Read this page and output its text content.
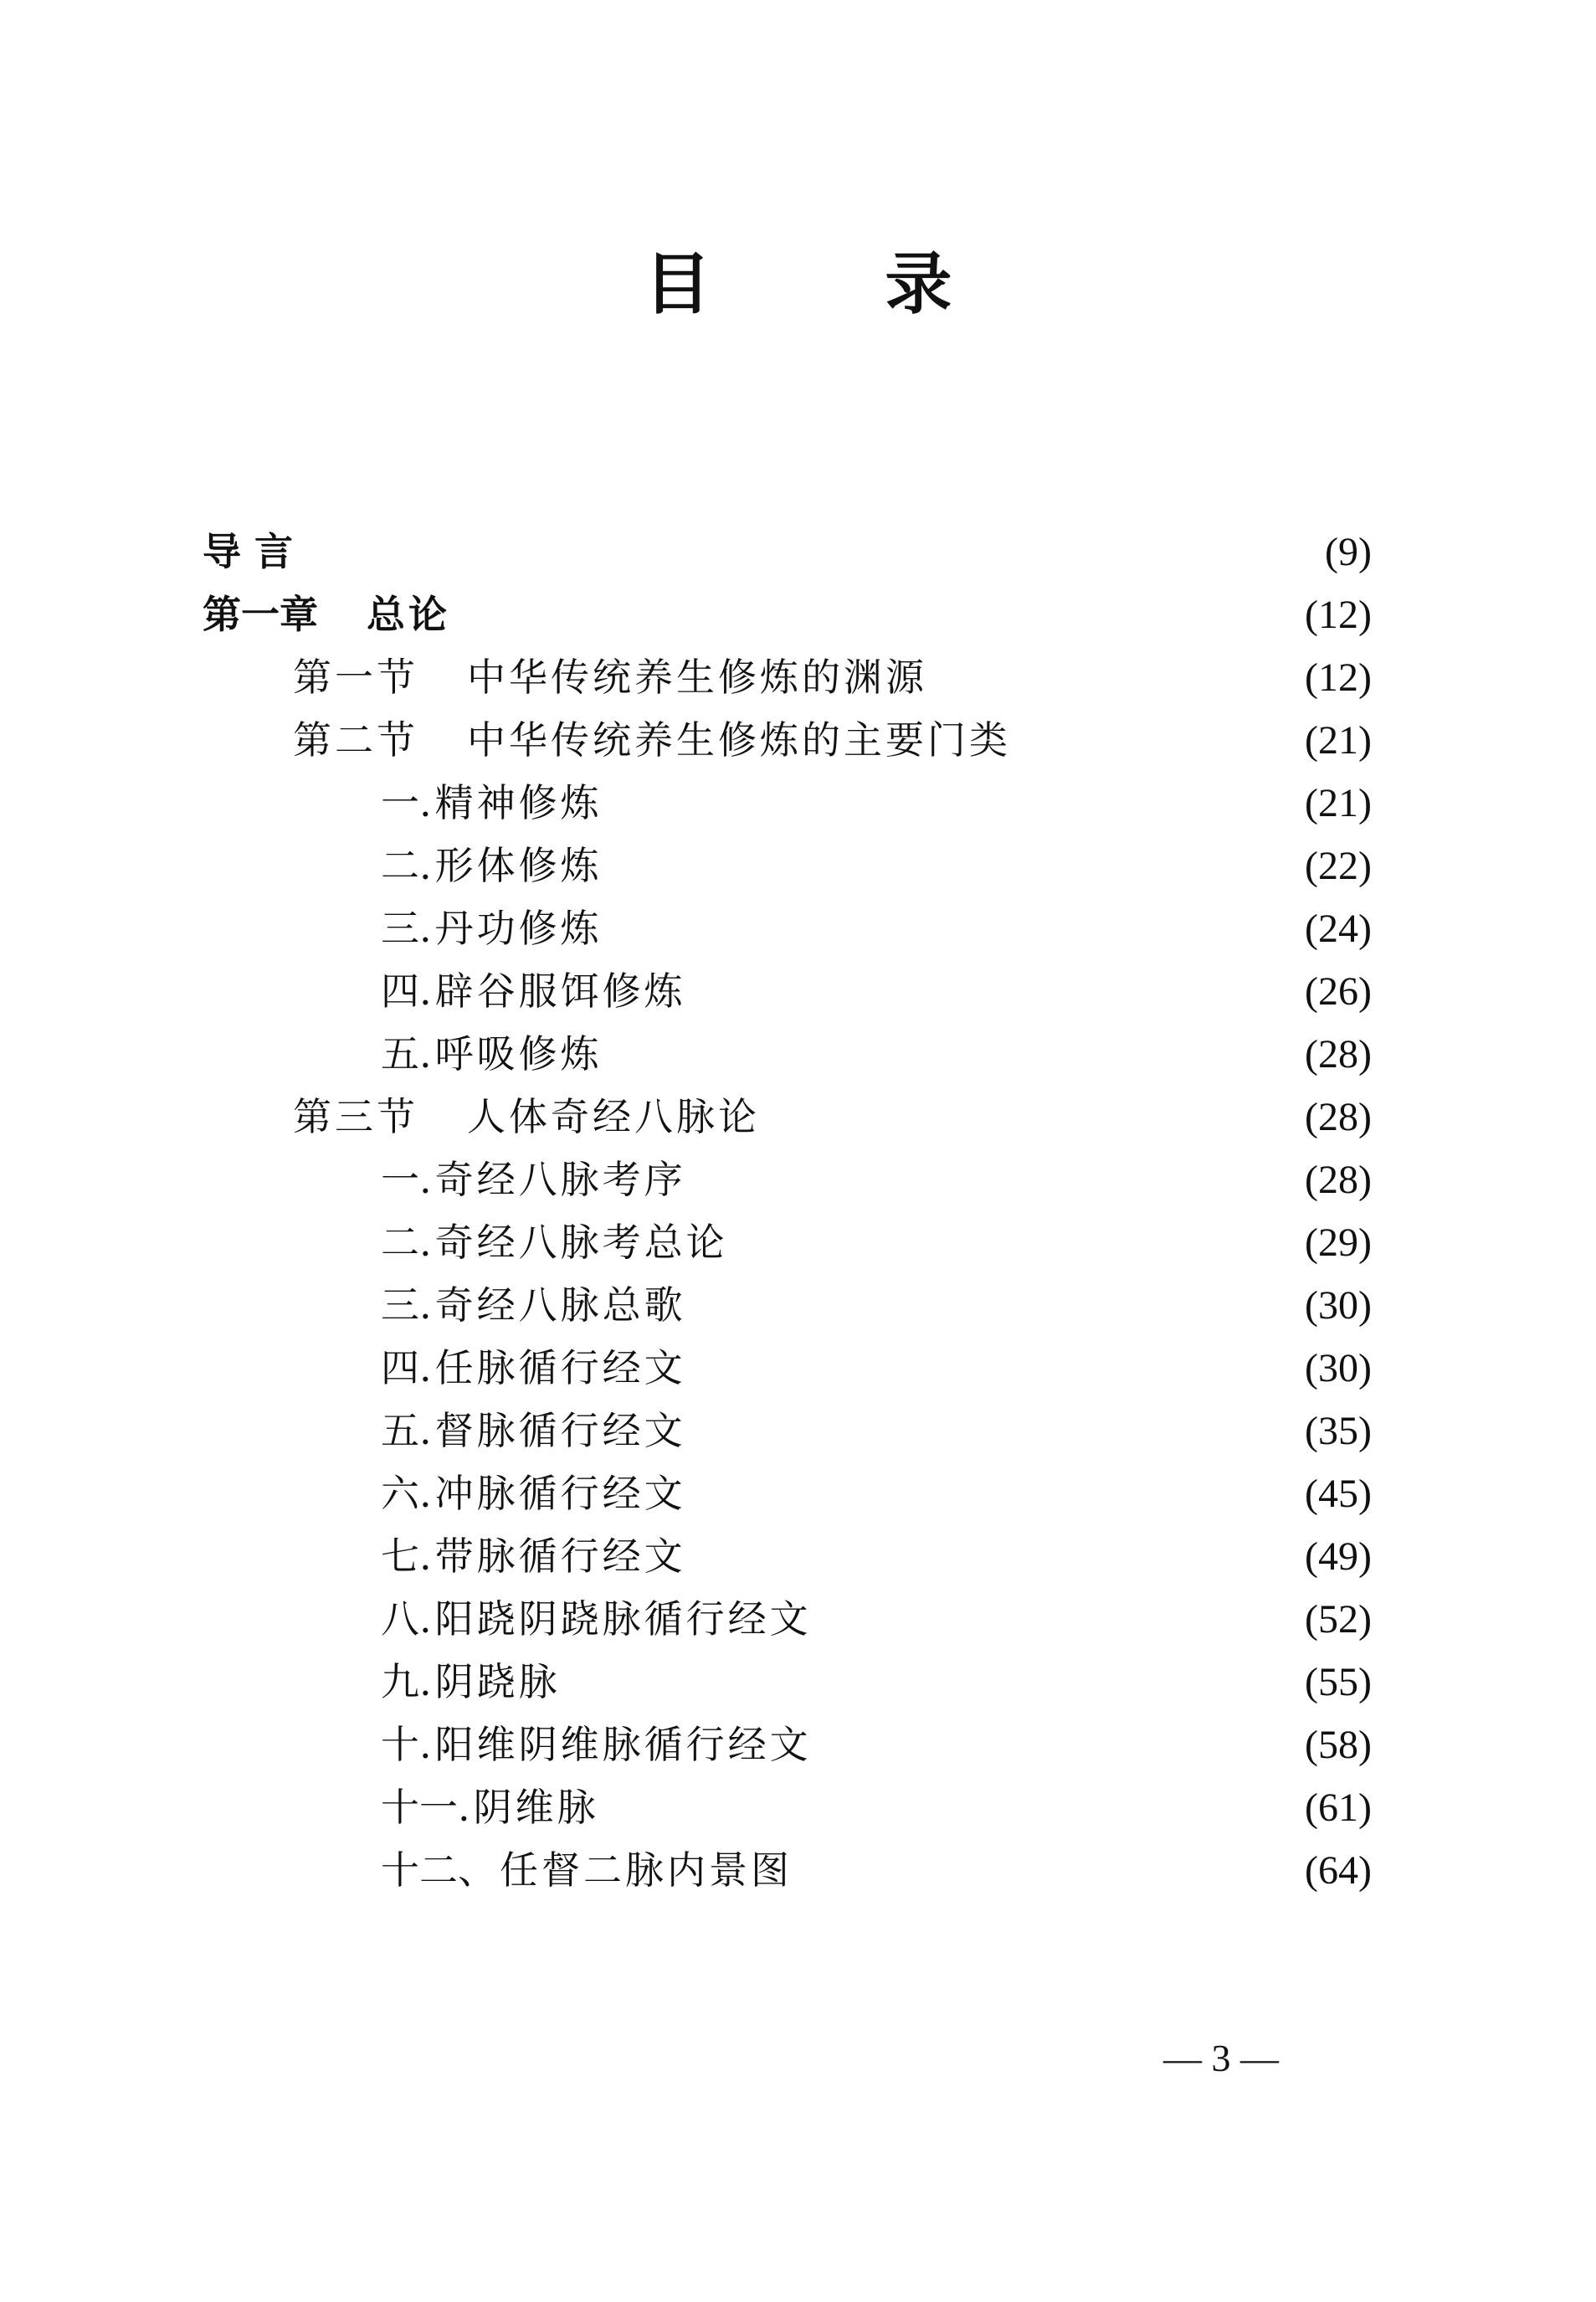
目 录
导 言	(9)
第一章 总论	(12)
第一节 中华传统养生修炼的渊源	(12)
第二节 中华传统养生修炼的主要门类	(21)
一. 精神修炼	(21)
二. 形体修炼	(22)
三. 丹功修炼	(24)
四. 辟谷服饵修炼	(26)
五. 呼吸修炼	(28)
第三节 人体奇经八脉论	(28)
一. 奇经八脉考序	(28)
二. 奇经八脉考总论	(29)
三. 奇经八脉总歌	(30)
四. 任脉循行经文	(30)
五. 督脉循行经文	(35)
六. 冲脉循行经文	(45)
七. 带脉循行经文	(49)
八. 阳跷阴跷脉循行经文	(52)
九. 阴跷脉	(55)
十. 阳维阴维脉循行经文	(58)
十一. 阴维脉	(61)
十二、 任督二脉内景图	(64)
— 3 —
